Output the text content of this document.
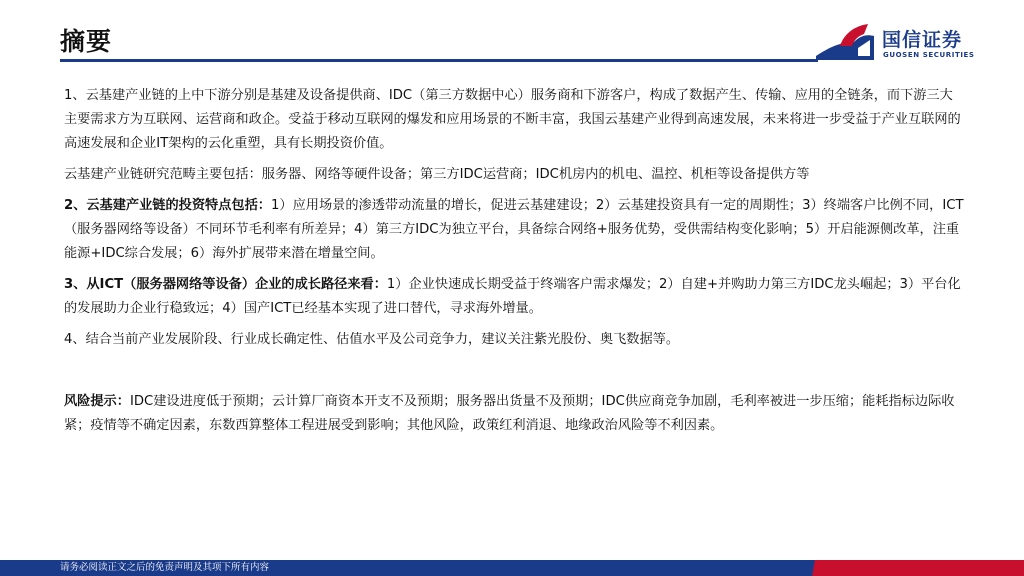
摘要	国信证券
GUOSEN SECURITIES

1、云基建产业链的上中下游分别是基建及设备提供商、IDC（第三方数据中心）服务商和下游客户，构成了数据产生、传输、应用的全链条，而下游三大主要需求方为互联网、运营商和政企。受益于移动互联网的爆发和应用场景的不断丰富，我国云基建产业得到高速发展，未来将进一步受益于产业互联网的高速发展和企业IT架构的云化重塑，具有长期投资价值。

云基建产业链研究范畴主要包括：服务器、网络等硬件设备；第三方IDC运营商；IDC机房内的机电、温控、机柜等设备提供方等

2、云基建产业链的投资特点包括：1）应用场景的渗透带动流量的增长，促进云基建建设；2）云基建投资具有一定的周期性；3）终端客户比例不同，ICT（服务器网络等设备）不同环节毛利率有所差异；4）第三方IDC为独立平台，具备综合网络+服务优势，受供需结构变化影响；5）开启能源侧改革，注重能源+IDC综合发展；6）海外扩展带来潜在增量空间。

3、从ICT（服务器网络等设备）企业的成长路径来看：1）企业快速成长期受益于终端客户需求爆发；2）自建+并购助力第三方IDC龙头崛起；3）平台化的发展助力企业行稳致远；4）国产ICT已经基本实现了进口替代，寻求海外增量。

4、结合当前产业发展阶段、行业成长确定性、估值水平及公司竞争力，建议关注紫光股份、奥飞数据等。

风险提示：IDC建设进度低于预期；云计算厂商资本开支不及预期；服务器出货量不及预期；IDC供应商竞争加剧，毛利率被进一步压缩；能耗指标边际收紧；疫情等不确定因素，东数西算整体工程进展受到影响；其他风险，政策红利消退、地缘政治风险等不利因素。

请务必阅读正文之后的免责声明及其项下所有内容
